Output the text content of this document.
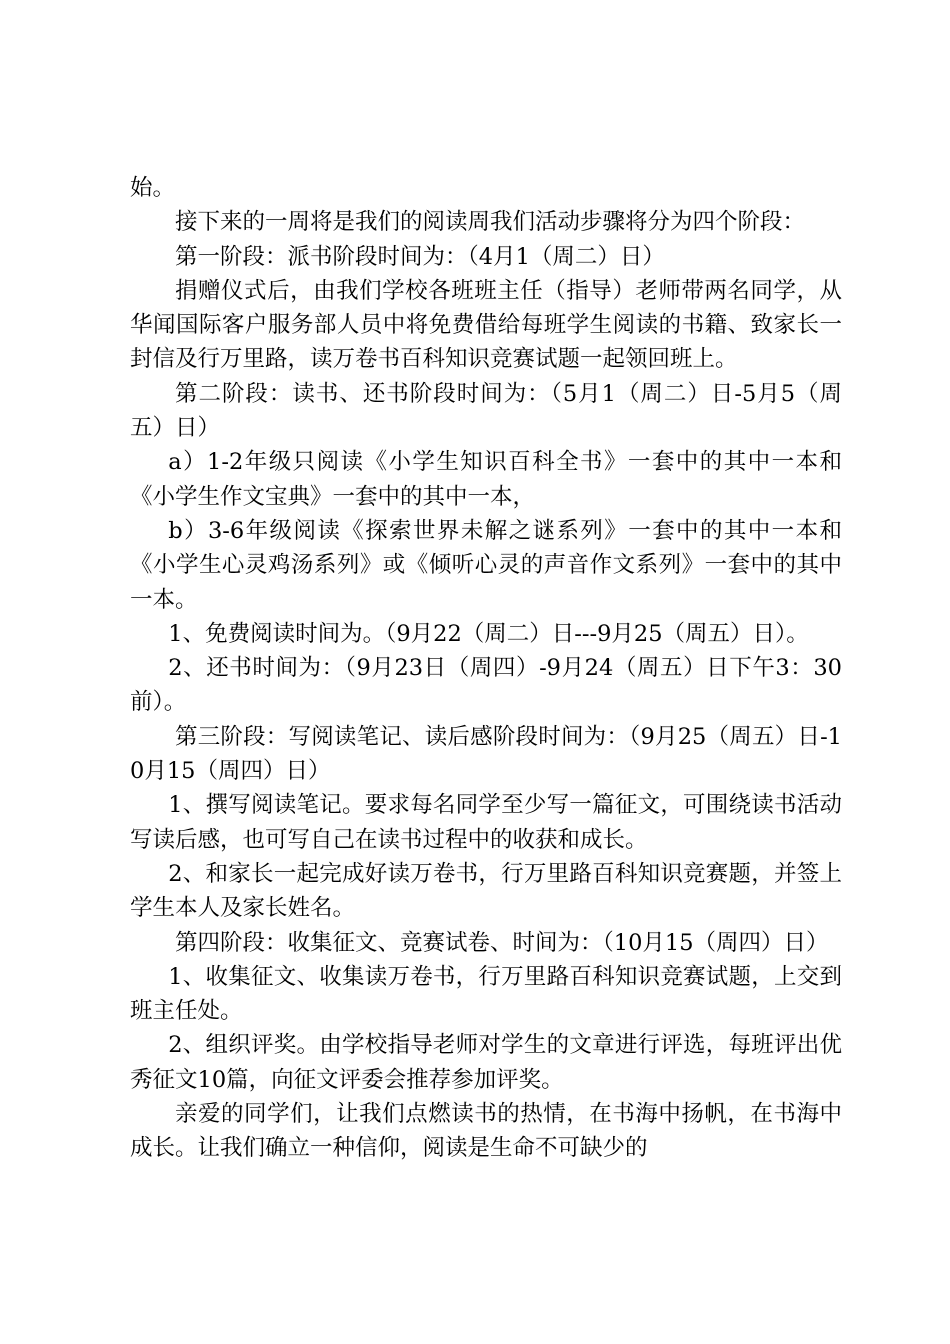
始。

接下来的一周将是我们的阅读周我们活动步骤将分为四个阶段：

第一阶段：派书阶段时间为：（4月1（周二）日）

捐赠仪式后，由我们学校各班班主任（指导）老师带两名同学，从华闻国际客户服务部人员中将免费借给每班学生阅读的书籍、致家长一封信及行万里路，读万卷书百科知识竞赛试题一起领回班上。

第二阶段：读书、还书阶段时间为：（5月1（周二）日-5月5（周五）日）

a）1-2年级只阅读《小学生知识百科全书》一套中的其中一本和《小学生作文宝典》一套中的其中一本，

b）3-6年级阅读《探索世界未解之谜系列》一套中的其中一本和《小学生心灵鸡汤系列》或《倾听心灵的声音作文系列》一套中的其中一本。

1、免费阅读时间为。（9月22（周二）日---9月25（周五）日）。

2、还书时间为：（9月23日（周四）-9月24（周五）日下午3：30前）。

第三阶段：写阅读笔记、读后感阶段时间为：（9月25（周五）日-10月15（周四）日）

1、撰写阅读笔记。要求每名同学至少写一篇征文，可围绕读书活动写读后感，也可写自己在读书过程中的收获和成长。

2、和家长一起完成好读万卷书，行万里路百科知识竞赛题，并签上学生本人及家长姓名。

第四阶段：收集征文、竞赛试卷、时间为：（10月15（周四）日）

1、收集征文、收集读万卷书，行万里路百科知识竞赛试题，上交到班主任处。

2、组织评奖。由学校指导老师对学生的文章进行评选，每班评出优秀征文10篇，向征文评委会推荐参加评奖。

亲爱的同学们，让我们点燃读书的热情，在书海中扬帆，在书海中成长。让我们确立一种信仰，阅读是生命不可缺少的
